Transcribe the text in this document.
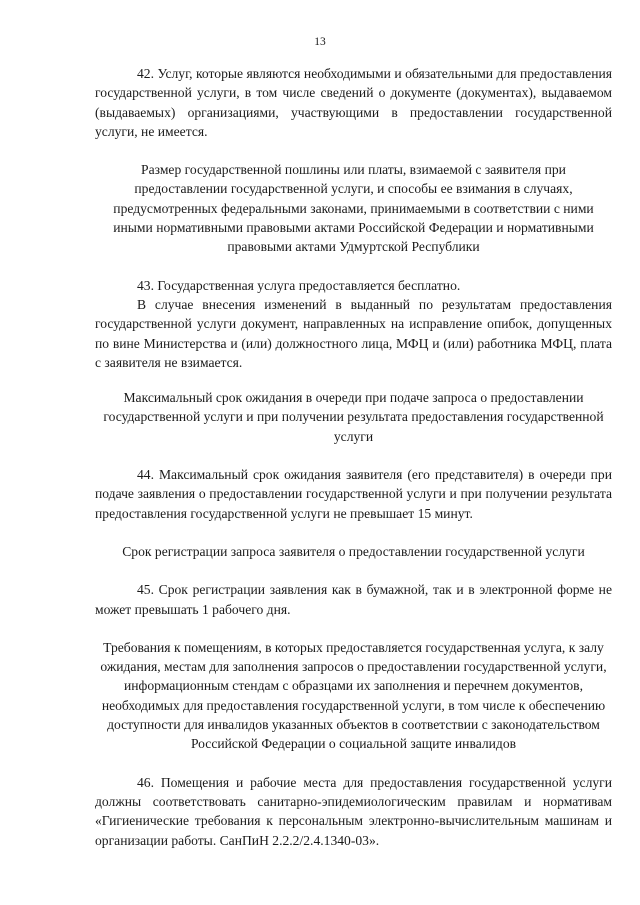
13

42. Услуг, которые являются необходимыми и обязательными для предоставления государственной услуги, в том числе сведений о документе (документах), выдаваемом (выдаваемых) организациями, участвующими в предоставлении государственной услуги, не имеется.

Размер государственной пошлины или платы, взимаемой с заявителя при предоставлении государственной услуги, и способы ее взимания в случаях, предусмотренных федеральными законами, принимаемыми в соответствии с ними иными нормативными правовыми актами Российской Федерации и нормативными правовыми актами Удмуртской Республики

43. Государственная услуга предоставляется бесплатно.

В случае внесения изменений в выданный по результатам предоставления государственной услуги документ, направленных на исправление опибок, допущенных по вине Министерства и (или) должностного лица, МФЦ и (или) работника МФЦ, плата с заявителя не взимается.

Максимальный срок ожидания в очереди при подаче запроса о предоставлении государственной услуги и при получении результата предоставления государственной услуги

44. Максимальный срок ожидания заявителя (его представителя) в очереди при подаче заявления о предоставлении государственной услуги и при получении результата предоставления государственной услуги не превышает 15 минут.

Срок регистрации запроса заявителя о предоставлении государственной услуги

45. Срок регистрации заявления как в бумажной, так и в электронной форме не может превышать 1 рабочего дня.

Требования к помещениям, в которых предоставляется государственная услуга, к залу ожидания, местам для заполнения запросов о предоставлении государственной услуги, информационным стендам с образцами их заполнения и перечнем документов, необходимых для предоставления государственной услуги, в том числе к обеспечению доступности для инвалидов указанных объектов в соответствии с законодательством Российской Федерации о социальной защите инвалидов

46. Помещения и рабочие места для предоставления государственной услуги должны соответствовать санитарно-эпидемиологическим правилам и нормативам «Гигиенические требования к персональным электронно-вычислительным машинам и организации работы. СанПиН 2.2.2/2.4.1340-03».
